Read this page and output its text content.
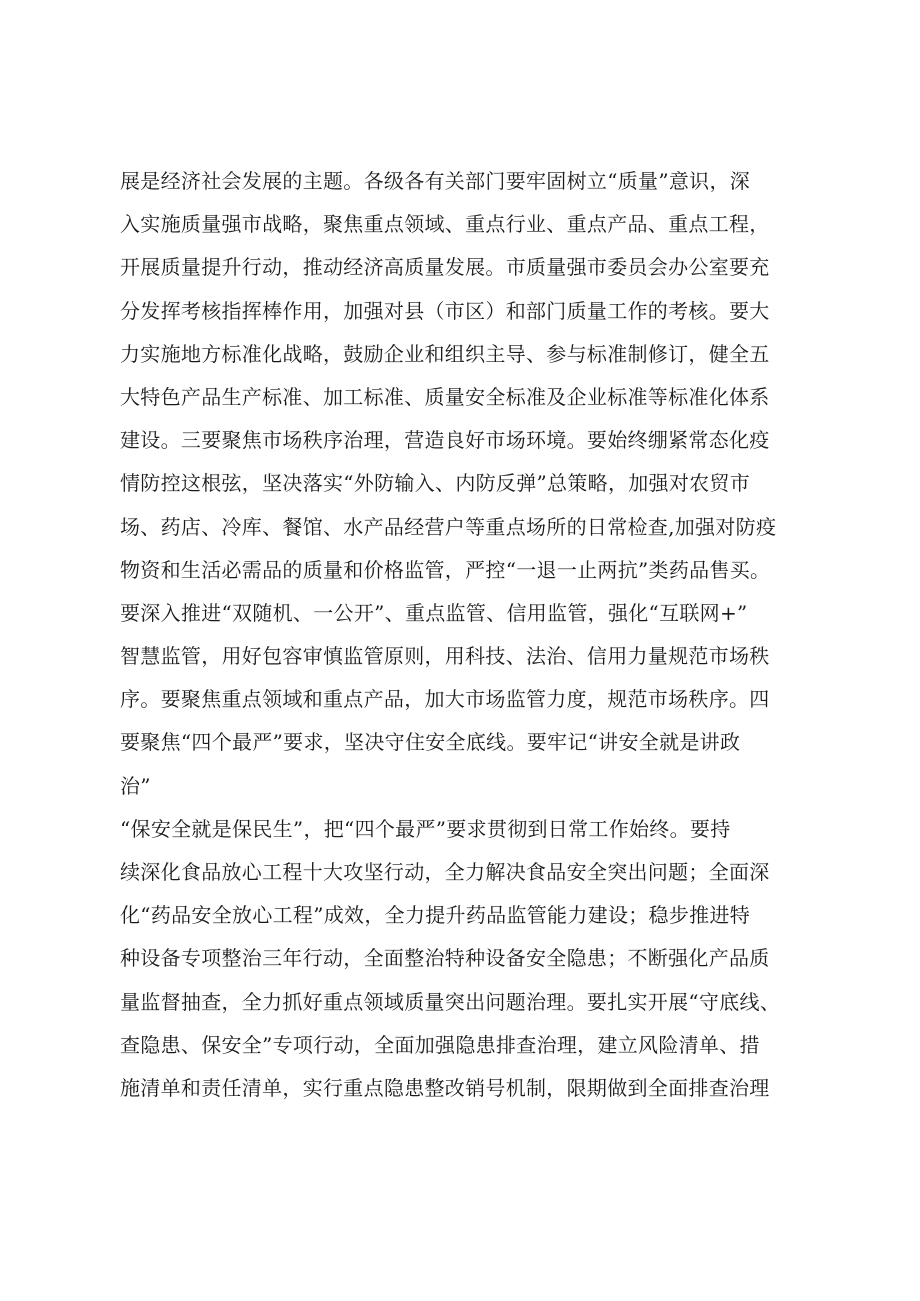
展是经济社会发展的主题。各级各有关部门要牢固树立“质量”意识，深
入实施质量强市战略，聚焦重点领域、重点行业、重点产品、重点工程，
开展质量提升行动，推动经济高质量发展。市质量强市委员会办公室要充
分发挥考核指挥棒作用，加强对县（市区）和部门质量工作的考核。要大
力实施地方标准化战略，鼓励企业和组织主导、参与标准制修订，健全五
大特色产品生产标准、加工标准、质量安全标准及企业标准等标准化体系
建设。三要聚焦市场秩序治理，营造良好市场环境。要始终绷紧常态化疫
情防控这根弦，坚决落实“外防输入、内防反弹”总策略，加强对农贸市
场、药店、冷库、餐馆、水产品经营户等重点场所的日常检查,加强对防疫
物资和生活必需品的质量和价格监管，严控“一退一止两抗”类药品售买。
要深入推进“双随机、一公开”、重点监管、信用监管，强化“互联网+”
智慧监管，用好包容审慎监管原则，用科技、法治、信用力量规范市场秩
序。要聚焦重点领域和重点产品，加大市场监管力度，规范市场秩序。四
要聚焦“四个最严”要求，坚决守住安全底线。要牢记“讲安全就是讲政
治”
“保安全就是保民生”，把“四个最严”要求贯彻到日常工作始终。要持
续深化食品放心工程十大攻坚行动，全力解决食品安全突出问题；全面深
化“药品安全放心工程”成效，全力提升药品监管能力建设；稳步推进特
种设备专项整治三年行动，全面整治特种设备安全隐患；不断强化产品质
量监督抽查，全力抓好重点领域质量突出问题治理。要扎实开展“守底线、
查隐患、保安全”专项行动，全面加强隐患排查治理，建立风险清单、措
施清单和责任清单，实行重点隐患整改销号机制，限期做到全面排查治理
